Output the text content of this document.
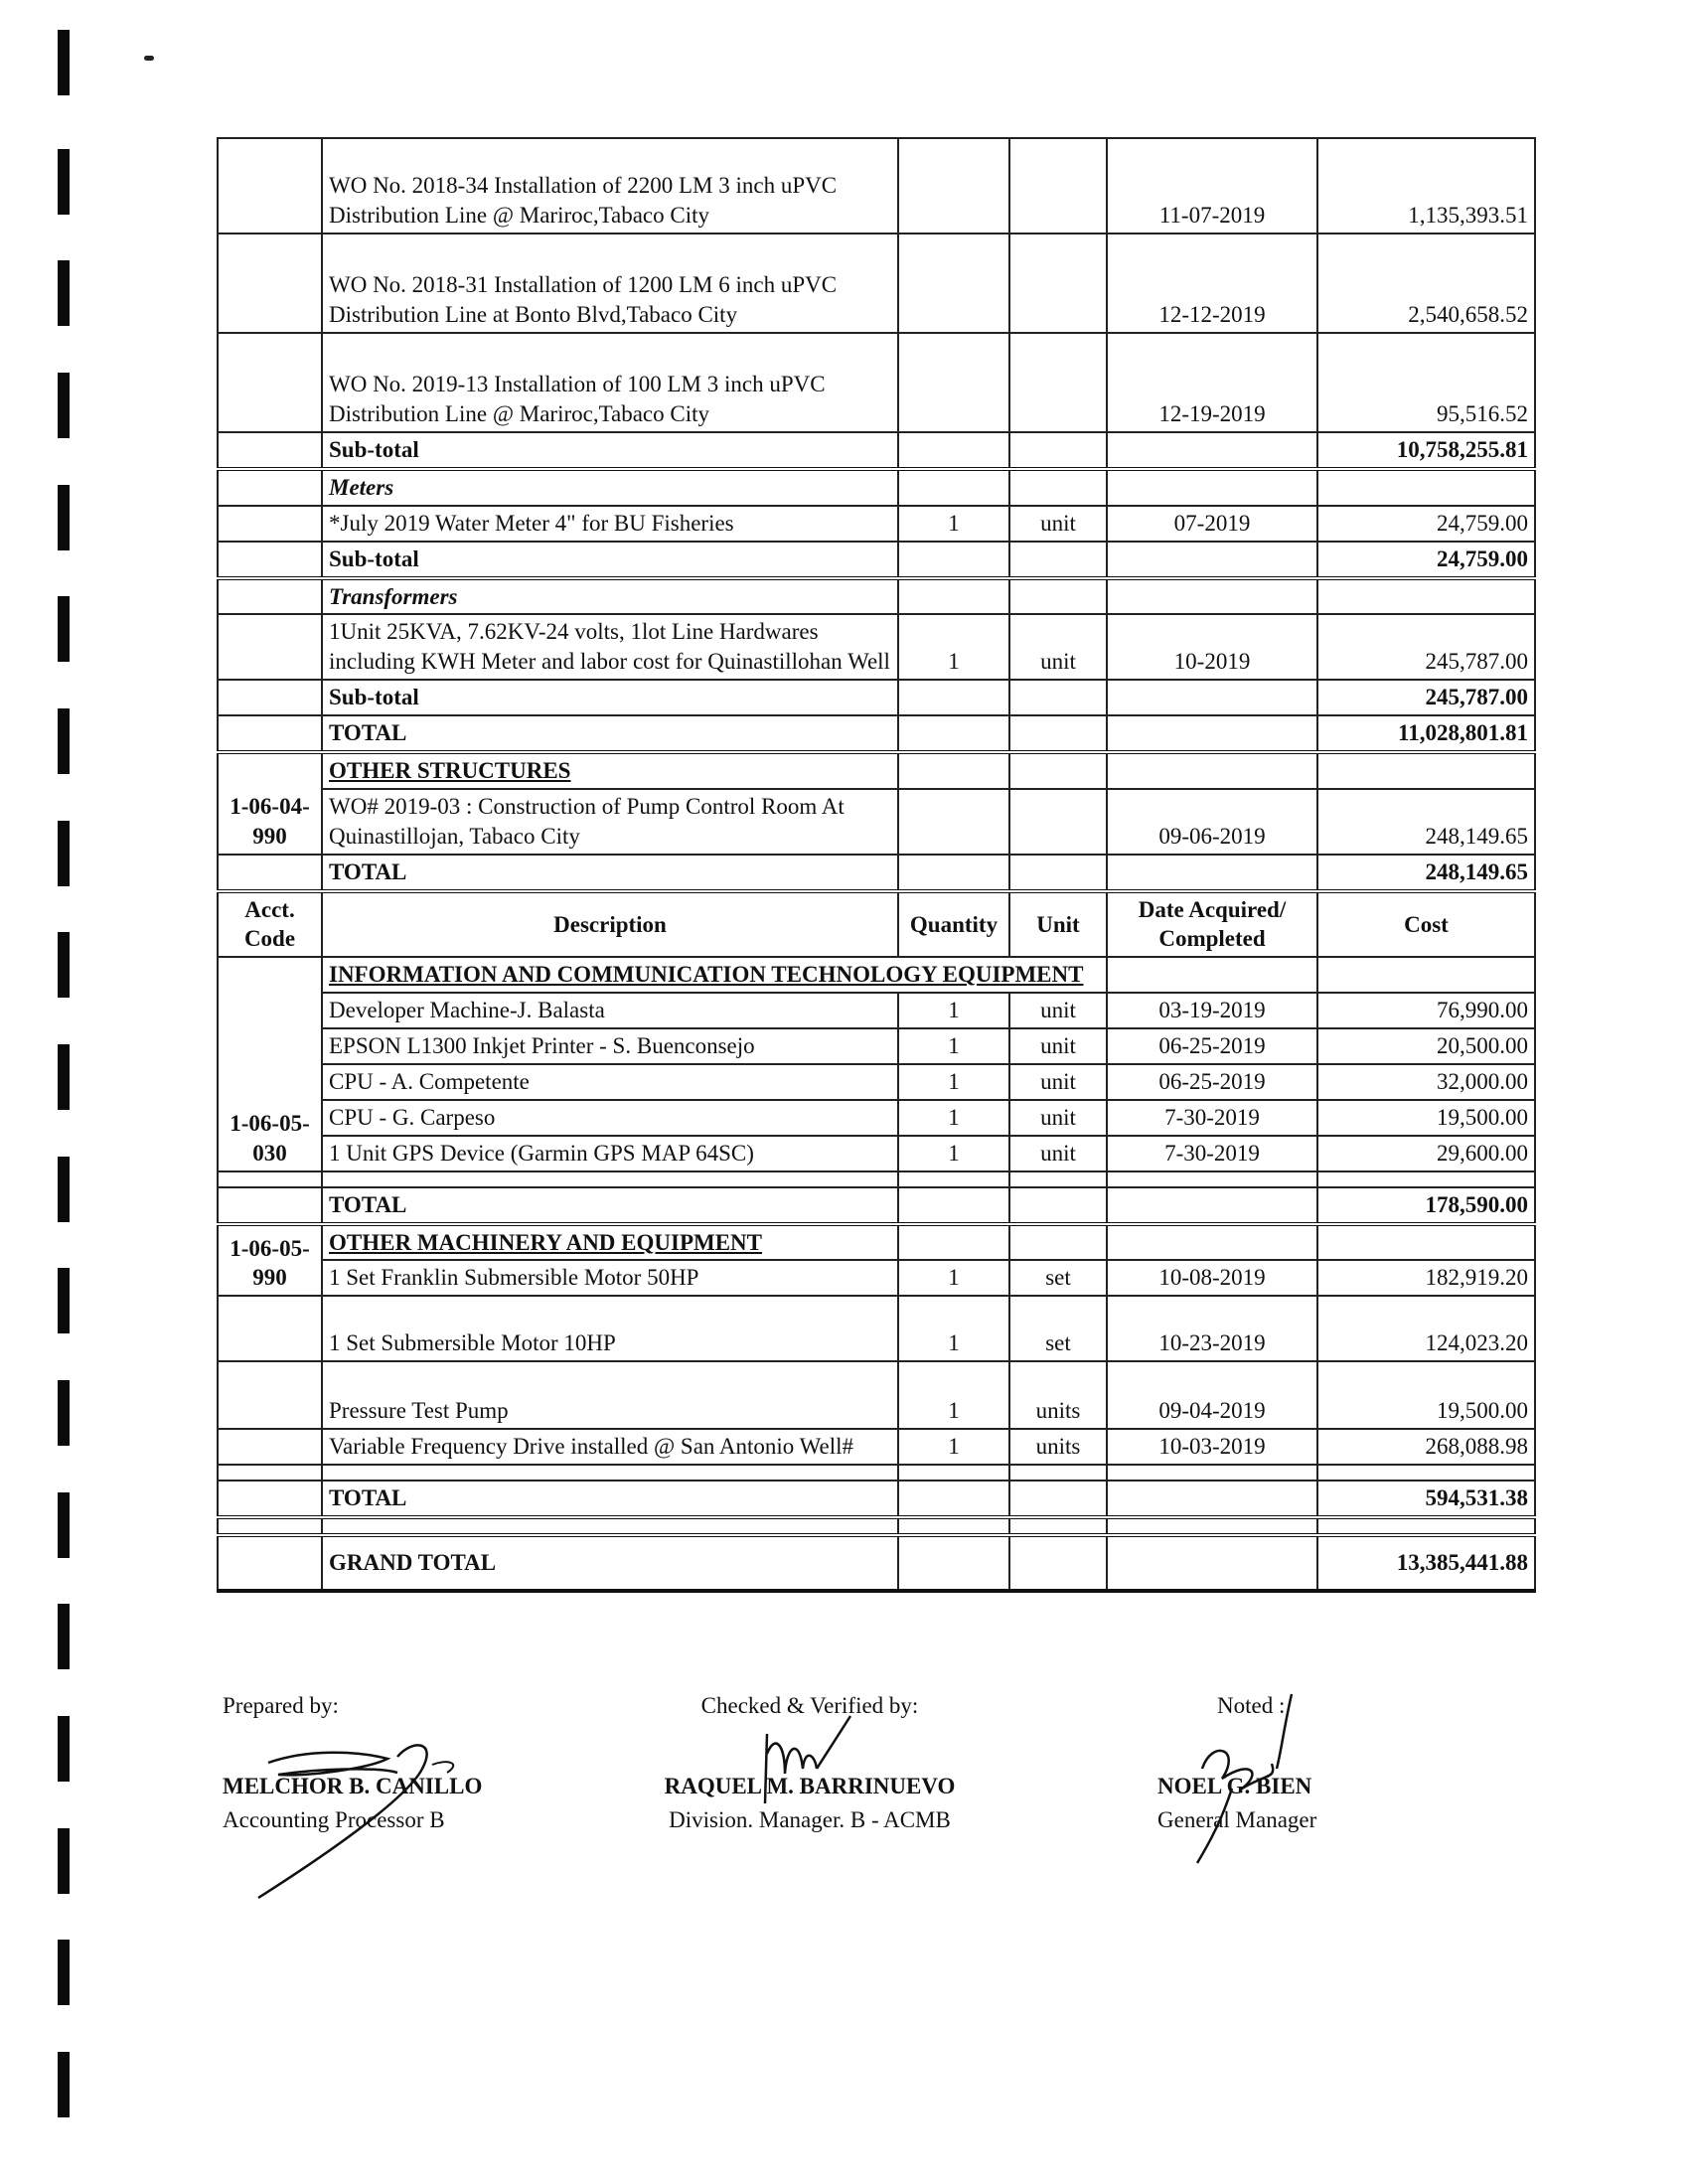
	WO No. 2018-34 Installation of 2200 LM 3 inch uPVC Distribution Line @ Mariroc,Tabaco City			11-07-2019	1,135,393.51
	WO No. 2018-31 Installation of 1200 LM 6 inch uPVC Distribution Line at Bonto Blvd,Tabaco City			12-12-2019	2,540,658.52
	WO No. 2019-13 Installation of 100 LM 3 inch uPVC Distribution Line @ Mariroc,Tabaco City			12-19-2019	95,516.52
	Sub-total				10,758,255.81
	Meters				
	*July 2019 Water Meter 4" for BU Fisheries	1	unit	07-2019	24,759.00
	Sub-total				24,759.00
	Transformers				
	1Unit 25KVA, 7.62KV-24 volts, 1lot Line Hardwares including KWH Meter and labor cost for Quinastillohan Well	1	unit	10-2019	245,787.00
	Sub-total				245,787.00
	TOTAL				11,028,801.81
1-06-04-990	OTHER STRUCTURES				
	WO# 2019-03 : Construction of Pump Control Room At Quinastillojan, Tabaco City			09-06-2019	248,149.65
	TOTAL				248,149.65
Acct. Code	Description	Quantity	Unit	Date Acquired/ Completed	Cost
1-06-05-030	INFORMATION AND COMMUNICATION TECHNOLOGY EQUIPMENT				
	Developer Machine-J. Balasta	1	unit	03-19-2019	76,990.00
	EPSON L1300 Inkjet Printer - S. Buenconsejo	1	unit	06-25-2019	20,500.00
	CPU - A. Competente	1	unit	06-25-2019	32,000.00
	CPU - G. Carpeso	1	unit	7-30-2019	19,500.00
	1 Unit GPS Device (Garmin GPS MAP 64SC)	1	unit	7-30-2019	29,600.00

	TOTAL				178,590.00
1-06-05-990	OTHER MACHINERY AND EQUIPMENT				
	1 Set Franklin Submersible Motor 50HP	1	set	10-08-2019	182,919.20
	1 Set Submersible Motor 10HP	1	set	10-23-2019	124,023.20
	Pressure Test Pump	1	units	09-04-2019	19,500.00
	Variable Frequency Drive installed @ San Antonio Well#	1	units	10-03-2019	268,088.98

	TOTAL				594,531.38

	GRAND TOTAL				13,385,441.88
Prepared by:
MELCHOR B. CANILLO
Accounting Processor B
Checked & Verified by:
RAQUEL M. BARRINUEVO
Division. Manager. B - ACMB
Noted :
NOEL G. BIEN
General Manager
